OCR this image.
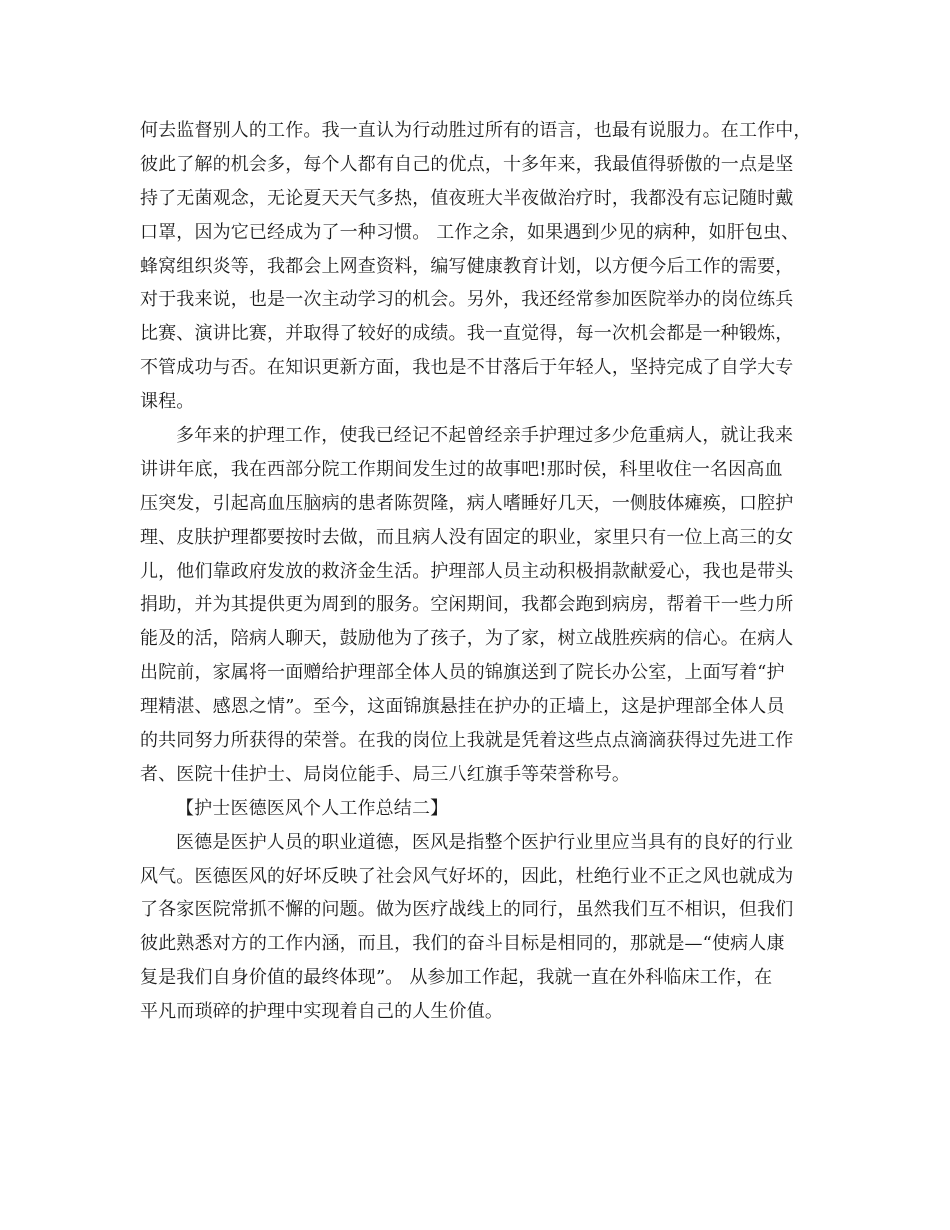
何去监督别人的工作。我一直认为行动胜过所有的语言，也最有说服力。在工作中，
彼此了解的机会多，每个人都有自己的优点，十多年来，我最值得骄傲的一点是坚
持了无菌观念，无论夏天天气多热，值夜班大半夜做治疗时，我都没有忘记随时戴
口罩，因为它已经成为了一种习惯。 工作之余，如果遇到少见的病种，如肝包虫、
蜂窝组织炎等，我都会上网查资料，编写健康教育计划，以方便今后工作的需要，
对于我来说，也是一次主动学习的机会。另外，我还经常参加医院举办的岗位练兵
比赛、演讲比赛，并取得了较好的成绩。我一直觉得，每一次机会都是一种锻炼，
不管成功与否。在知识更新方面，我也是不甘落后于年轻人，坚持完成了自学大专
课程。
多年来的护理工作，使我已经记不起曾经亲手护理过多少危重病人，就让我来
讲讲年底，我在西部分院工作期间发生过的故事吧!那时侯，科里收住一名因高血
压突发，引起高血压脑病的患者陈贺隆，病人嗜睡好几天，一侧肢体瘫痪，口腔护
理、皮肤护理都要按时去做，而且病人没有固定的职业，家里只有一位上高三的女
儿，他们靠政府发放的救济金生活。护理部人员主动积极捐款献爱心，我也是带头
捐助，并为其提供更为周到的服务。空闲期间，我都会跑到病房，帮着干一些力所
能及的活，陪病人聊天，鼓励他为了孩子，为了家，树立战胜疾病的信心。在病人
出院前，家属将一面赠给护理部全体人员的锦旗送到了院长办公室，上面写着“护
理精湛、感恩之情”。至今，这面锦旗悬挂在护办的正墙上，这是护理部全体人员
的共同努力所获得的荣誉。在我的岗位上我就是凭着这些点点滴滴获得过先进工作
者、医院十佳护士、局岗位能手、局三八红旗手等荣誉称号。
【护士医德医风个人工作总结二】
医德是医护人员的职业道德，医风是指整个医护行业里应当具有的良好的行业
风气。医德医风的好坏反映了社会风气好坏的，因此，杜绝行业不正之风也就成为
了各家医院常抓不懈的问题。做为医疗战线上的同行，虽然我们互不相识，但我们
彼此熟悉对方的工作内涵，而且，我们的奋斗目标是相同的，那就是—“使病人康
复是我们自身价值的最终体现”。 从参加工作起，我就一直在外科临床工作，在
平凡而琐碎的护理中实现着自己的人生价值。
